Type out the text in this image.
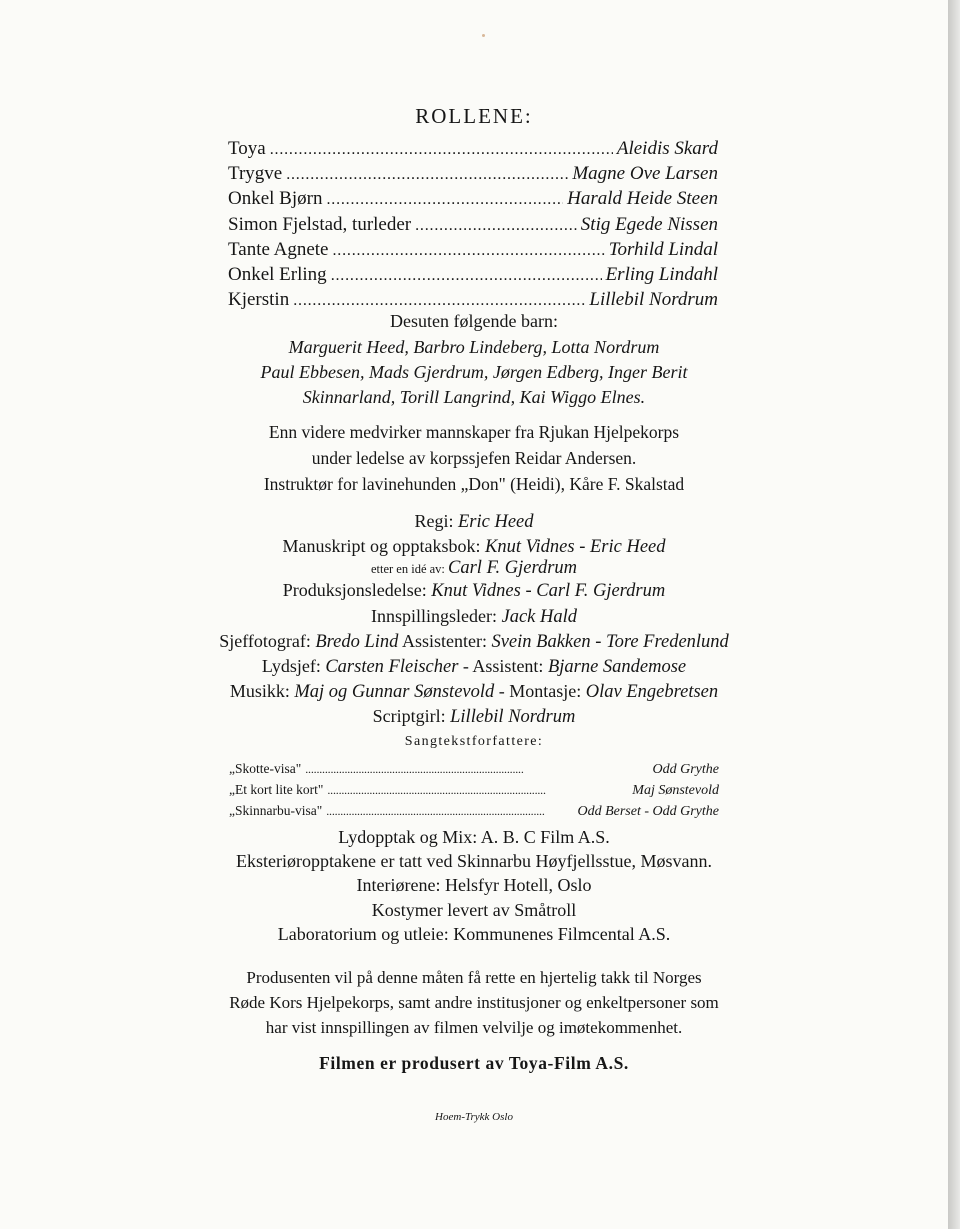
ROLLENE:
Toya . . .	Aleidis Skard
Trygve . . .	Magne Ove Larsen
Onkel Bjørn . . .	Harald Heide Steen
Simon Fjelstad, turleder . . .	Stig Egede Nissen
Tante Agnete . . .	Torhild Lindal
Onkel Erling . . .	Erling Lindahl
Kjerstin . . .	Lillebil Nordrum
Desuten følgende barn:
Marguerit Heed, Barbro Lindeberg, Lotta Nordrum
Paul Ebbesen, Mads Gjerdrum, Jørgen Edberg, Inger Berit
Skinnarland, Torill Langrind, Kai Wiggo Elnes.
Enn videre medvirker mannskaper fra Rjukan Hjelpekorps
under ledelse av korpssjefen Reidar Andersen.
Instruktør for lavinehunden „Don" (Heidi), Kåre F. Skalstad
Regi: Eric Heed
Manuskript og opptaksbok: Knut Vidnes - Eric Heed
etter en idé av: Carl F. Gjerdrum
Produksjonsledelse: Knut Vidnes - Carl F. Gjerdrum
Innspillingsleder: Jack Hald
Sjeffotograf: Bredo Lind Assistenter: Svein Bakken - Tore Fredenlund
Lydsjef: Carsten Fleischer - Assistent: Bjarne Sandemose
Musikk: Maj og Gunnar Sønstevold - Montasje: Olav Engebretsen
Scriptgirl: Lillebil Nordrum
Sangtekstforfattere:
„Skotte-visa" . . .	Odd Grythe
„Et kort lite kort" . . .	Maj Sønstevold
„Skinnarbu-visa" . . .	Odd Berset - Odd Grythe
Lydopptak og Mix: A. B. C Film A.S.
Eksteriøropptakene er tatt ved Skinnarbu Høyfjellsstue, Møsvann.
Interiørene: Helsfyr Hotell, Oslo
Kostymer levert av Småtroll
Laboratorium og utleie: Kommunenes Filmcental A.S.
Produsenten vil på denne måten få rette en hjertelig takk til Norges
Røde Kors Hjelpekorps, samt andre institusjoner og enkeltpersoner som
har vist innspillingen av filmen velvilje og imøtekommenhet.
Filmen er produsert av Toya-Film A.S.
Hoem-Trykk Oslo
